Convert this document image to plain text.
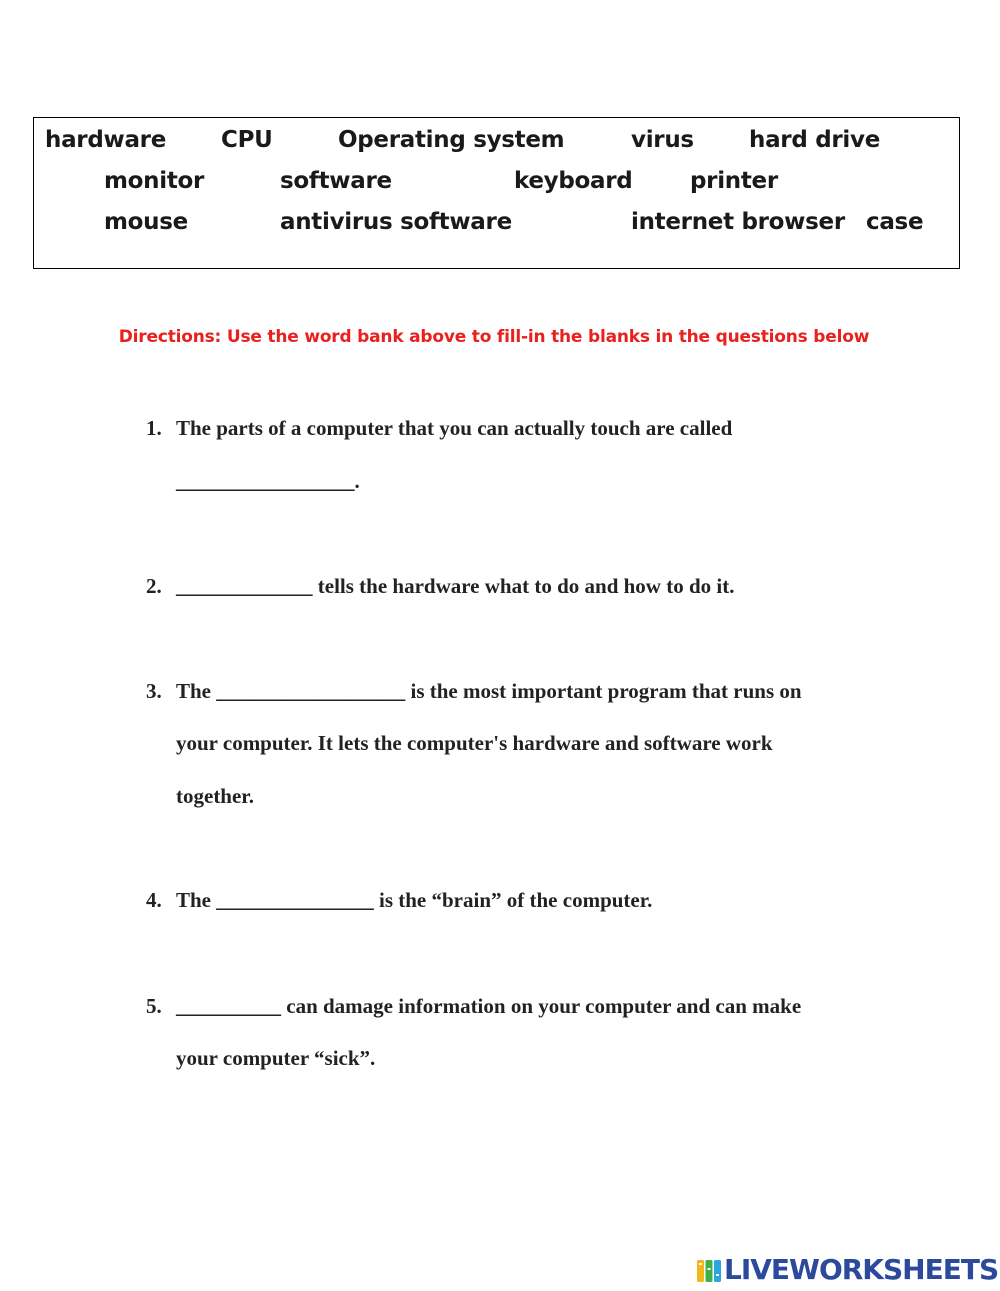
hardware CPU	Operating system	virus hard drive
monitor	software	keyboard	printer
mouse	antivirus software	internet browser case
Directions: Use the word bank above to fill-in the blanks in the questions below
1. The parts of a computer that you can actually touch are called
_________________.
2. _____________ tells the hardware what to do and how to do it.
3. The __________________ is the most important program that runs on
your computer. It lets the computer's hardware and software work
together.
4. The _______________ is the “brain” of the computer.
5. __________ can damage information on your computer and can make
your computer “sick”.
LIVEWORKSHEETS
